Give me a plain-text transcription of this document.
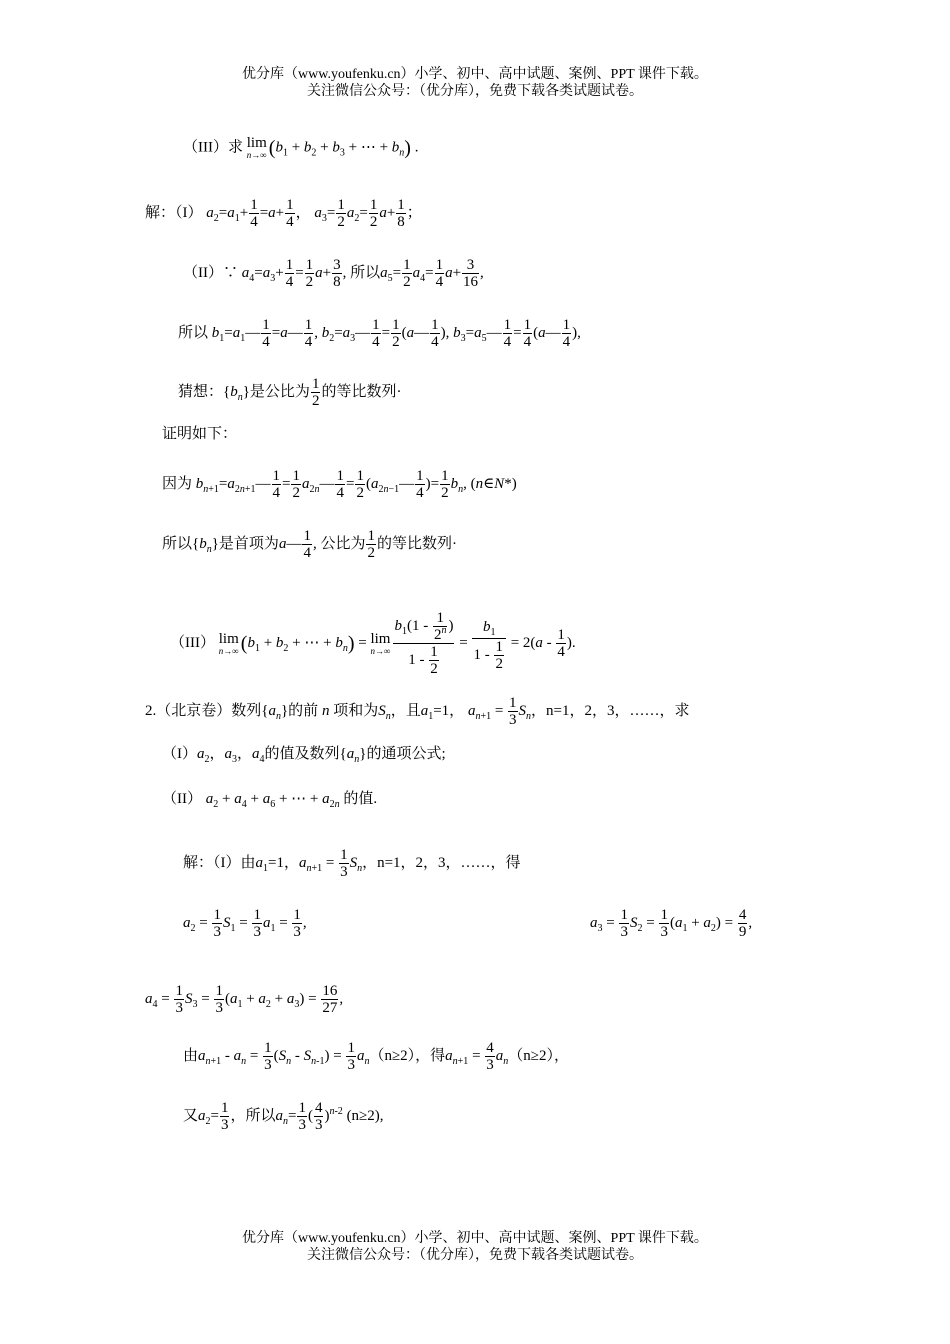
优分库（www.youfenku.cn）小学、初中、高中试题、案例、PPT 课件下载。
关注微信公众号：（优分库），免费下载各类试题试卷。
（III）求 lim
n→∞ ($b_1 + b_2 + b_3$ + ⋯ + $b_n$) .
解：（I） $a_2=a_1+ \frac{1}{4} =a+ \frac{1}{4}$ ， $a_3= \frac{1}{2} a_2= \frac{1}{2} a+ \frac{1}{8}$ ；
（II）∵ $a_4=a_3+ \frac{1}{4} = \frac{1}{2} a+ \frac{3}{8}$ , 所以$a_5= \frac{1}{2} a_4= \frac{1}{4} a+ \frac{3}{16}$ ,
所以 $b_1=a_1— \frac{1}{4}$ =a— $\frac{1}{4}$ , $b_2=a_3— \frac{1}{4} = \frac{1}{2}$ (a— $\frac{1}{4}$ ), $b_3=a_5— \frac{1}{4} = \frac{1}{4}$ (a— $\frac{1}{4}$ ),
猜想：$\{b_n\}$是公比为 $\frac{1}{2}$ 的等比数列·
证明如下：
因为 $b_{n+1}=a_{2n+1}— \frac{1}{4} = \frac{1}{2}$ $a_{2n}— \frac{1}{4} = \frac{1}{2}$ ($a_{2n-1}— \frac{1}{4}$ )= $\frac{1}{2} b_n$, (n∈N*)
所以$\{b_n\}$是首项为a— $\frac{1}{4}$ , 公比为 $\frac{1}{2}$ 的等比数列·
（III） lim
n→∞ ($b_1 + b_2$ + ⋯ + $b_n) = \lim$
$n\to\infty \frac{b_1(1 - \frac{1}{2^n} )}{1 - \frac{1}{2}} = \frac{b_1}{1 - \frac{1}{2}} = 2(a - \frac{1}{4}$ ).
2.（北京卷）数列$\{a_n\}$的前 n 项和为$S_n$，且$a_1=1$， $a_{n+1} = \frac{1}{3} S_n$，n=1，2，3，……，求
$(I)a_2$，$a_3$，$a_4$的值及数列$\{a_n\}$的通项公式;
（II） $a_2 + a_4 + a_6$ + ⋯ + $a_{2n}$ 的值.
解：（I）由$a_1=1$，$a_{n+1} = \frac{1}{3} S_n$，n=1，2，3，……，得
$a_2 = \frac{1}{3} S_1 = \frac{1}{3} a_1 = \frac{1}{3}$ ,	$a_3 = \frac{1}{3} S_2 = \frac{1}{3} (a_1 + a_2) = \frac{4}{9}$ ,
$a_4 = \frac{1}{3} S_3 = \frac{1}{3} (a_1 + a_2 + a_3) = \frac{16}{27}$ ,
由$a_{n+1} - a_n = \frac{1}{3} (S_n - S_{n-1}) = \frac{1}{3} a_n(n\ge 2)$，得$a_{n+1} = \frac{4}{3} a_n(n\ge 2)$，
又$a_2= \frac{1}{3}$ ，所以$a_n= \frac{1}{3}$ ( $\frac{4}{3} )^{n-2}$ (n≥2),
优分库（www.youfenku.cn）小学、初中、高中试题、案例、PPT 课件下载。
关注微信公众号：（优分库），免费下载各类试题试卷。
